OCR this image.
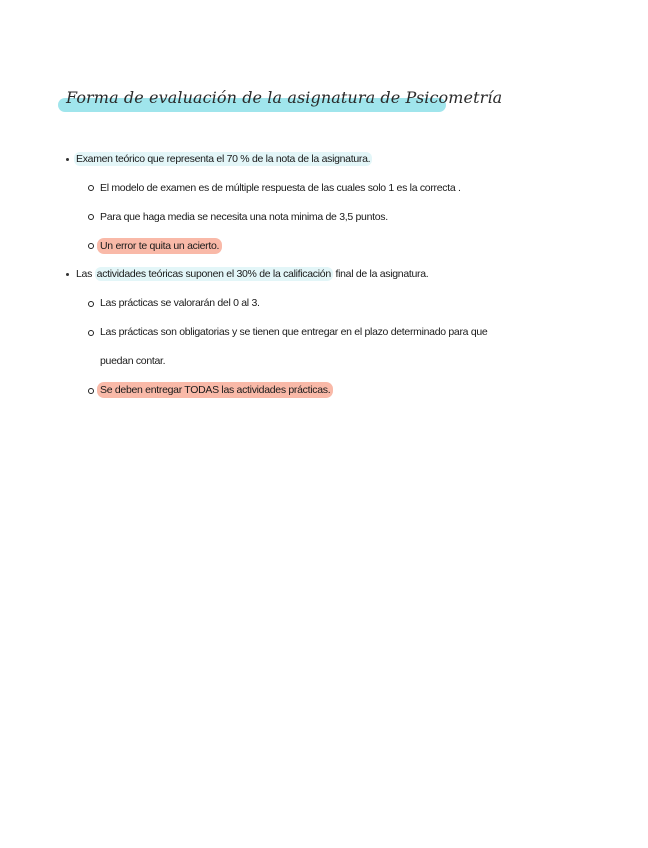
Forma de evaluación de la asignatura de Psicometría
Examen teórico que representa el 70 % de la nota de la asignatura.
El modelo de examen es de múltiple respuesta de las cuales solo 1 es la correcta .
Para que haga media se necesita una nota minima de 3,5 puntos.
Un error te quita un acierto.
Las actividades teóricas suponen el 30% de la calificación final de la asignatura.
Las prácticas se valorarán del 0 al 3.
Las prácticas son obligatorias y se tienen que entregar en el plazo determinado para que
puedan contar.
Se deben entregar TODAS las actividades prácticas.
